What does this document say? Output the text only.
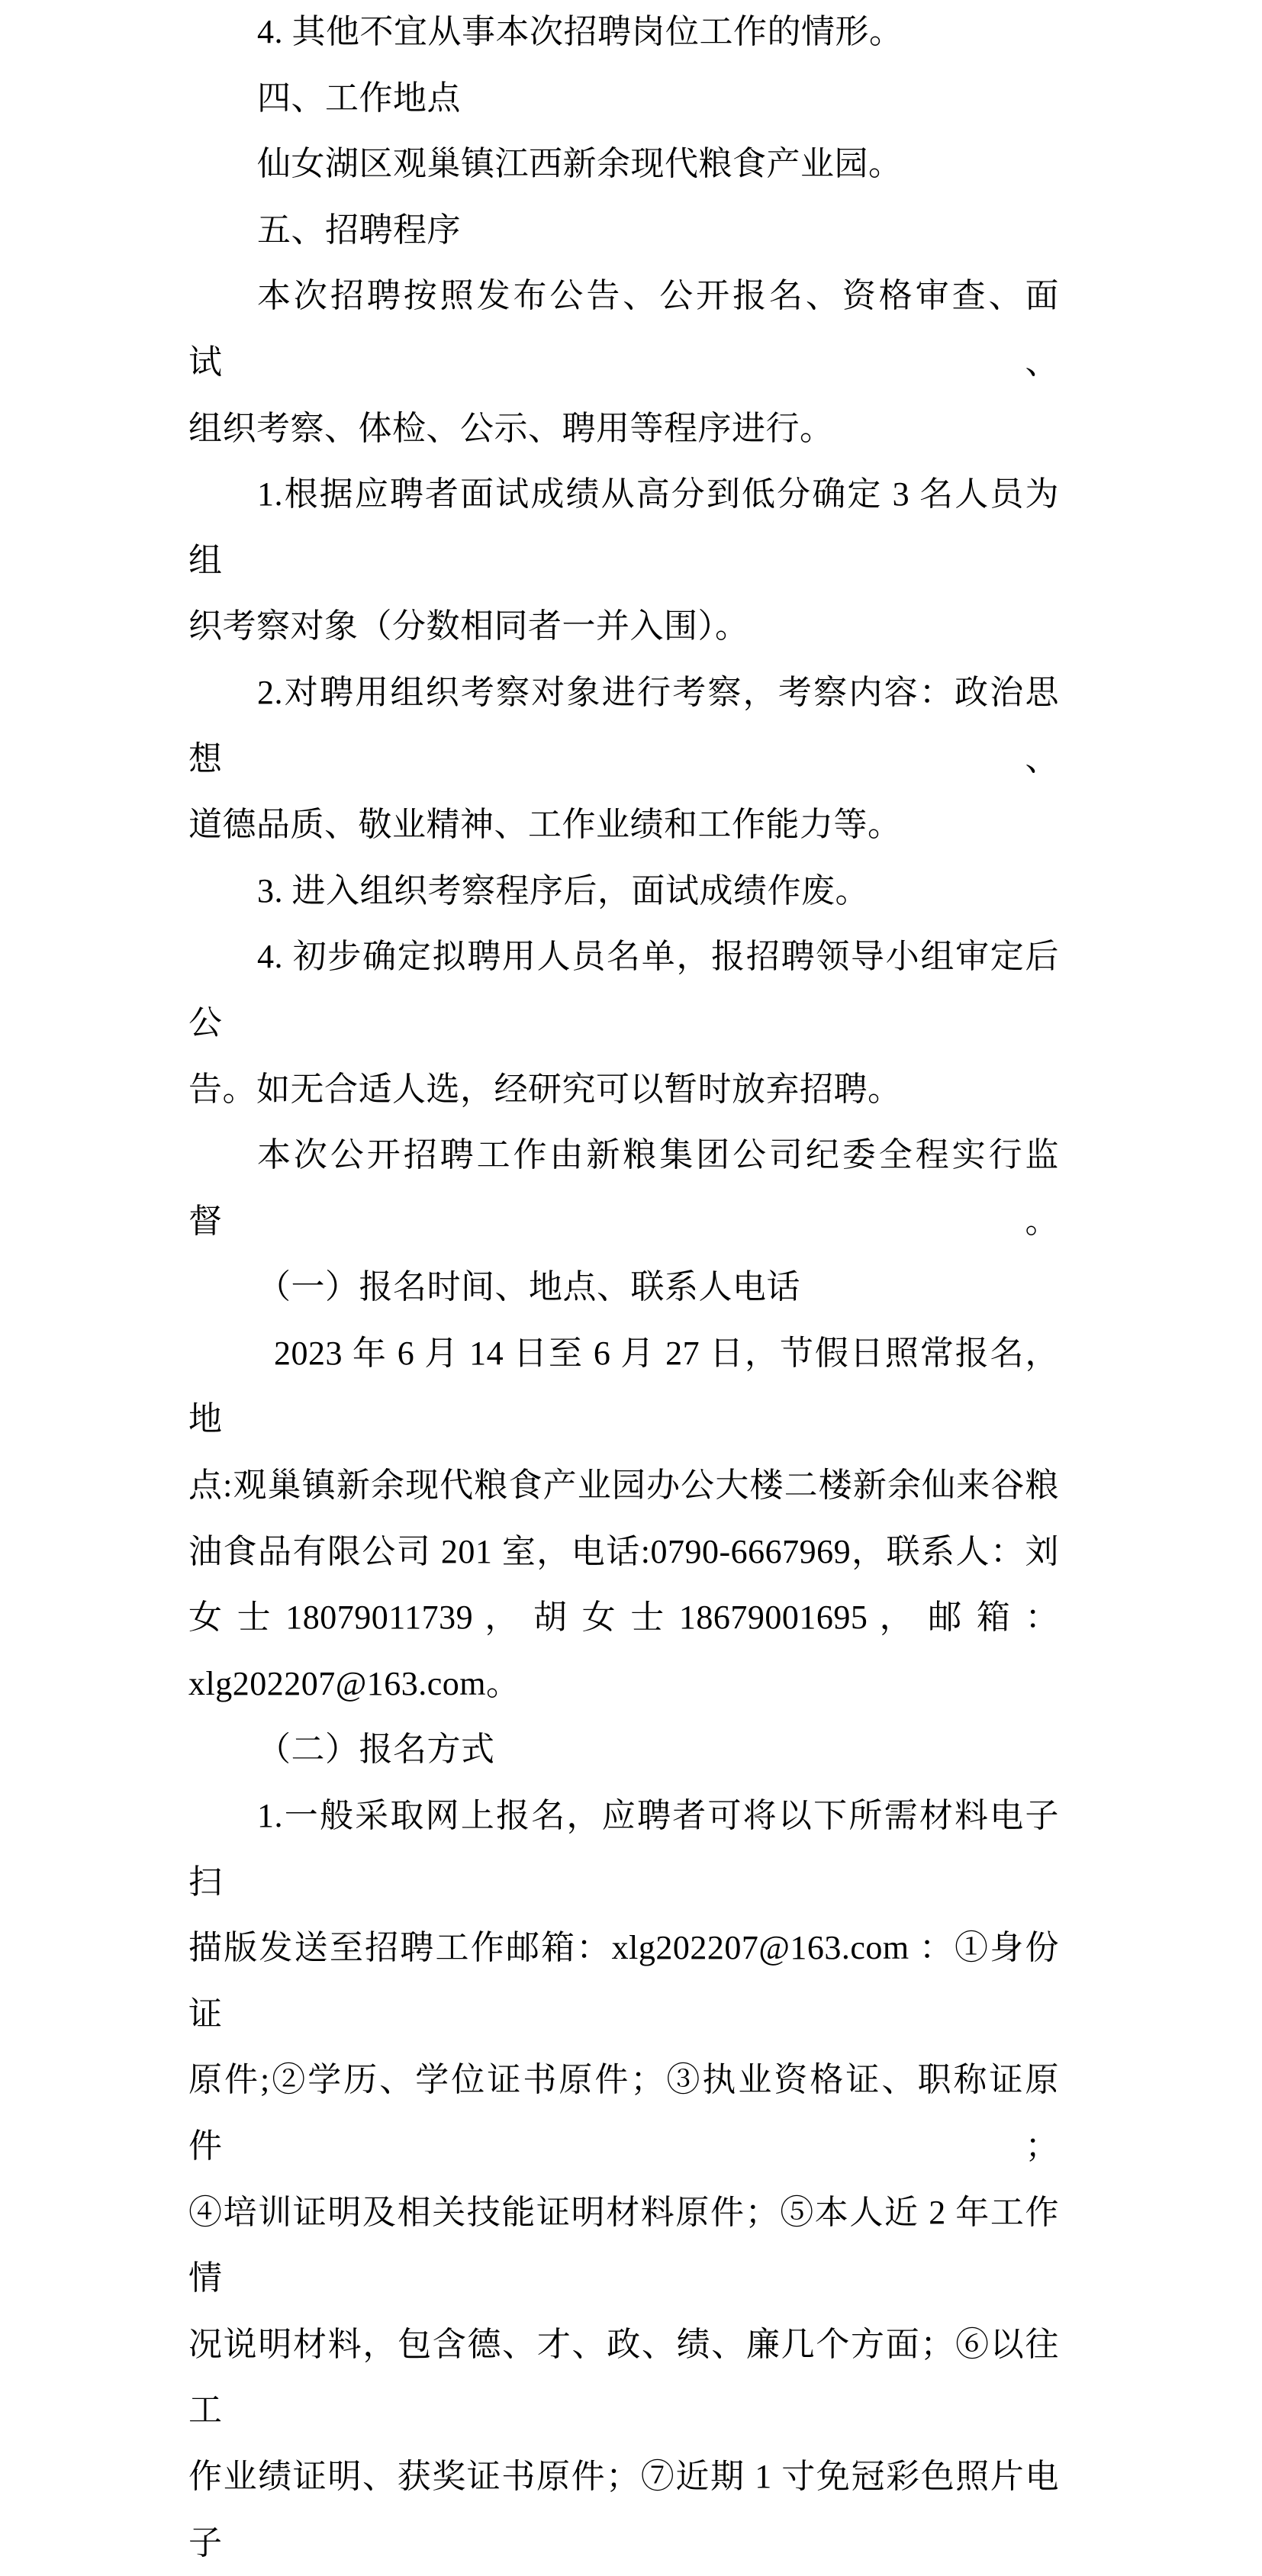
4. 其他不宜从事本次招聘岗位工作的情形。
四、工作地点
仙女湖区观巢镇江西新余现代粮食产业园。
五、招聘程序
本次招聘按照发布公告、公开报名、资格审查、面试、
组织考察、体检、公示、聘用等程序进行。
1.根据应聘者面试成绩从高分到低分确定 3 名人员为组
织考察对象（分数相同者一并入围）。
2.对聘用组织考察对象进行考察，考察内容：政治思想、
道德品质、敬业精神、工作业绩和工作能力等。
3. 进入组织考察程序后，面试成绩作废。
4. 初步确定拟聘用人员名单，报招聘领导小组审定后公
告。如无合适人选，经研究可以暂时放弃招聘。
本次公开招聘工作由新粮集团公司纪委全程实行监督。
（一）报名时间、地点、联系人电话
2023 年 6 月 14 日至 6 月 27 日，节假日照常报名，地
点:观巢镇新余现代粮食产业园办公大楼二楼新余仙来谷粮
油食品有限公司 201 室，电话:0790-6667969，联系人：刘
女 士 18079011739 ， 胡 女 士 18679001695 ， 邮 箱 ：
xlg202207@163.com。
（二）报名方式
1.一般采取网上报名，应聘者可将以下所需材料电子扫
描版发送至招聘工作邮箱：xlg202207@163.com ：①身份证
原件;②学历、学位证书原件；③执业资格证、职称证原件；
④培训证明及相关技能证明材料原件；⑤本人近 2 年工作情
况说明材料，包含德、才、政、绩、廉几个方面；⑥以往工
作业绩证明、获奖证书原件；⑦近期 1 寸免冠彩色照片电子
